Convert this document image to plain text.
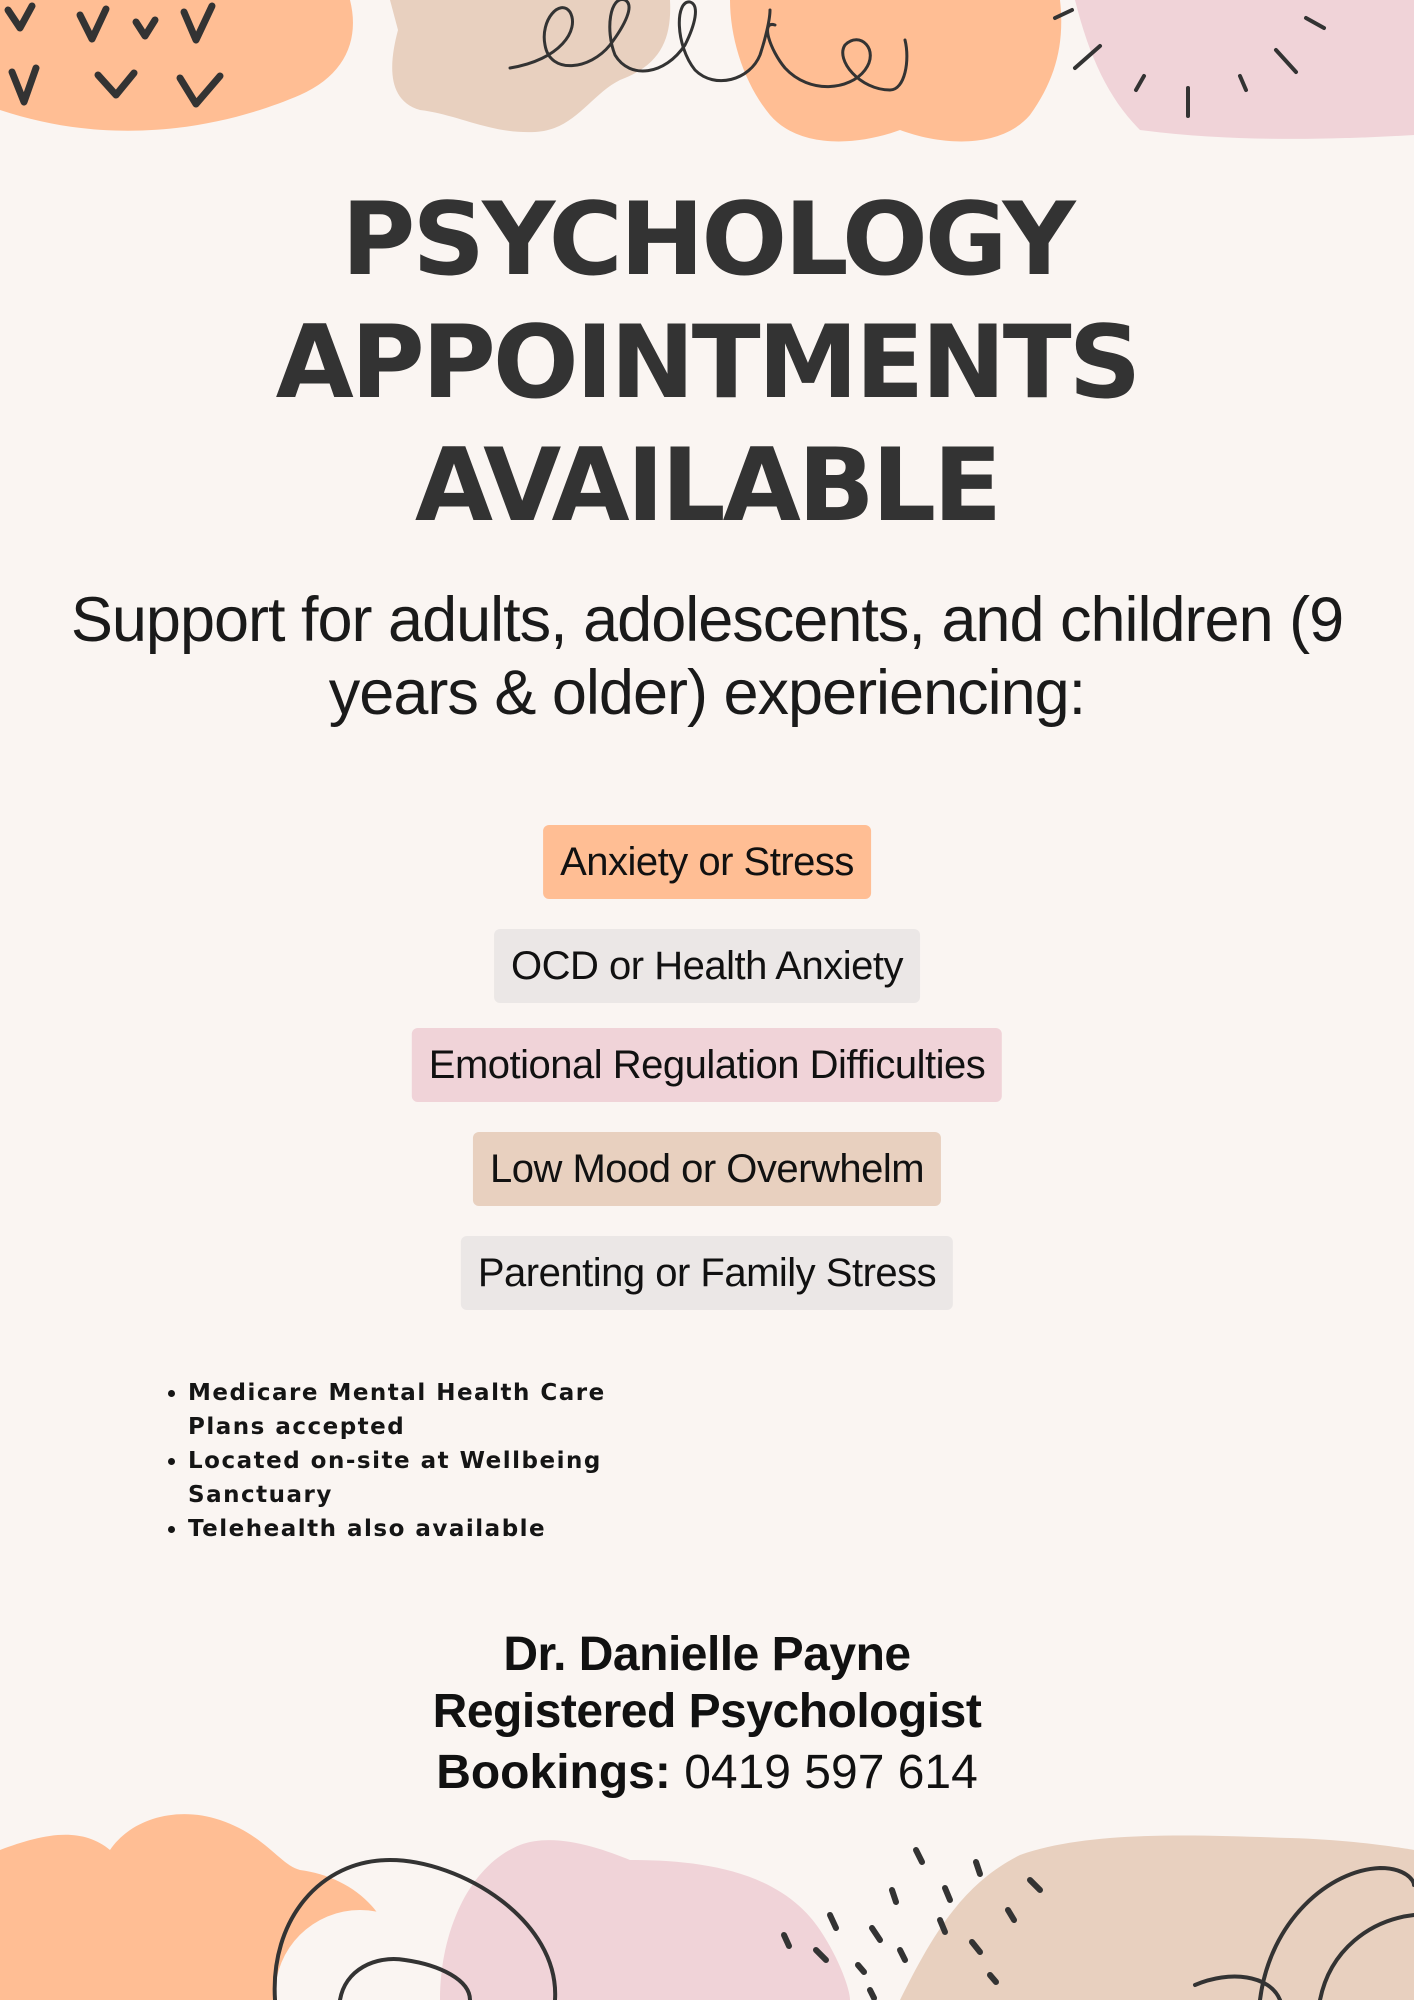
PSYCHOLOGY
APPOINTMENTS
AVAILABLE

Support for adults, adolescents, and children (9 years & older) experiencing:

Anxiety or Stress
OCD or Health Anxiety
Emotional Regulation Difficulties
Low Mood or Overwhelm
Parenting or Family Stress
• Medicare Mental Health Care Plans accepted
• Located on-site at Wellbeing Sanctuary
• Telehealth also available
Dr. Danielle Payne
Registered Psychologist
Bookings: 0419 597 614
